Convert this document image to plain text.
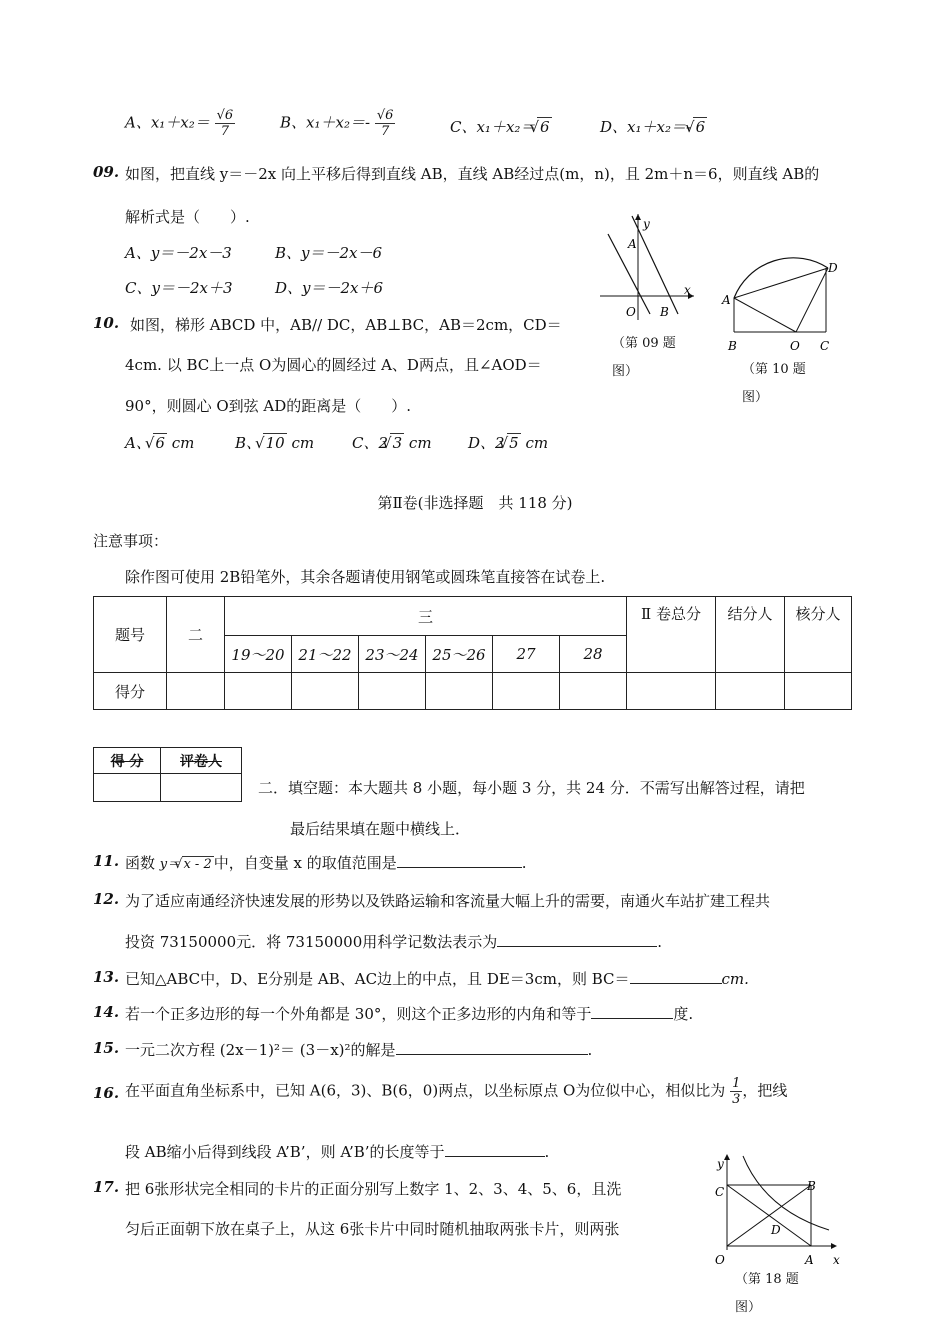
A、$x_1+x_2= \frac{√6}{7}$	B、$x_1+x_2=- \frac{√6}{7}$	C、x₁＋x₂＝ √ 6	D、x₁＋x₂＝- √ 6
09. 如图，把直线 y＝－2x 向上平移后得到直线 AB，直线 AB经过点(m，n)，且 2m＋n＝6，则直线 AB的
解析式是（　　）.
A、y＝－2x－3	B、y＝－2x－6
C、y＝－2x＋3	D、y＝－2x＋6
y
x
A
O B
（第 09 题图）
A
D
B	O C
（第 10 题图）
10. 如图，梯形 ABCD 中，AB// DC，AB⊥BC，AB＝2cm，CD＝
4cm. 以 BC上一点 O为圆心的圆经过 A、D两点，且∠AOD＝
90°，则圆心 O到弦 AD的距离是（　　）.
A、 √ 6 cm	B、 √ 10 cm	C、2 √ 3 cm D、2 √ 5 cm
第Ⅱ卷(非选择题　共 118 分)
注意事项：
除作图可使用 2B铅笔外，其余各题请使用钢笔或圆珠笔直接答在试卷上.
题号	二	三						Ⅱ 卷总分	结分人	核分人
		19～20	21～22	23～24	25～26	27	28			
得分										
得 分	评卷人

二．填空题：本大题共 8 小题，每小题 3 分，共 24 分．不需写出解答过程，请把
最后结果填在题中横线上．
11. 函数 y＝ √ x - 2 中，自变量 x 的取值范围是	.
12. 为了适应南通经济快速发展的形势以及铁路运输和客流量大幅上升的需要，南通火车站扩建工程共
投资 73150000元．将 73150000用科学记数法表示为	.
13. 已知△ABC中，D、E分别是 AB、AC边上的中点，且 DE＝3cm，则 BC＝	cm.
14. 若一个正多边形的每一个外角都是 30°，则这个正多边形的内角和等于	度.
15. 一元二次方程 (2x－1)²＝ (3－x)²的解是	.
16. 在平面直角坐标系中，已知 A(6，3)、B(6，0)两点，以坐标原点 O为位似中心，相似比为 $\frac{1}{3}$ ，把线
段 AB缩小后得到线段 A’B’，则 A’B’的长度等于	.
17. 把 6张形状完全相同的卡片的正面分别写上数字 1、2、3、4、5、6，且洗
匀后正面朝下放在桌子上，从这 6张卡片中同时随机抽取两张卡片，则两张
y
C	B
D
O	A x
（第 18 题图）
